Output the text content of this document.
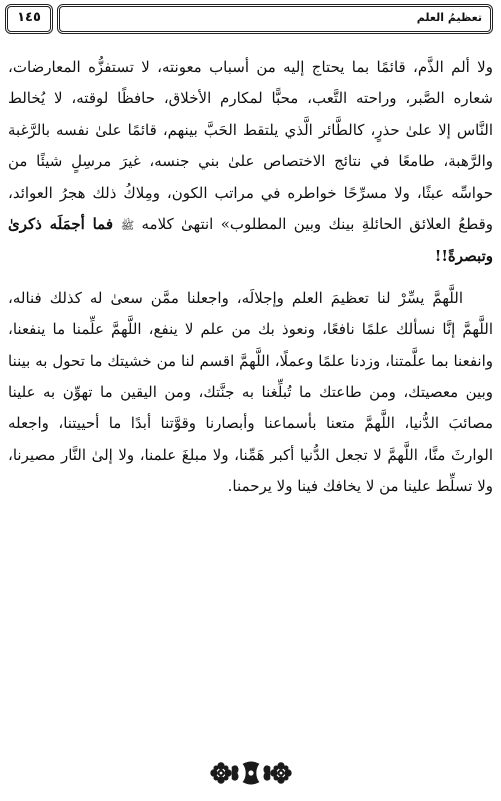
١٤٥	تعظيمُ العلم

ولا ألم الذَّم، قائمًا بما يحتاج إليه من أسباب معونته، لا تستفزُّه المعارضات، شعاره الصَّبر، وراحته التَّعب، محبًّا لمكارم الأخلاق، حافظًا لوقته، لا يُخالط النَّاس إلا علىٰ حذرٍ، كالطَّائر الَّذي يلتقط الحَبَّ بينهم، قائمًا علىٰ نفسه بالرَّغبة والرَّهبة، طامعًا في نتائج الاختصاص علىٰ بني جنسه، غيرَ مرسِلٍ شيئًا من حواسِّه عبثًا، ولا مسرِّحًا خواطره في مراتب الكون، ومِلاكُ ذلك هجرُ العوائد، وقطعُ العلائق الحائلةِ بينك وبين المطلوب» انتهىٰ كلامه ﷺ فما أجمَلَه ذكرىٰ وتبصرةً!!

اللَّهمَّ يسِّرْ لنا تعظيمَ العلم وإجلالَه، واجعلنا ممَّن سعىٰ له كذلك فناله، اللَّهمَّ إنَّا نسألك علمًا نافعًا، ونعوذ بك من علم لا ينفع، اللَّهمَّ علِّمنا ما ينفعنا، وانفعنا بما علَّمتنا، وزدنا علمًا وعملًا، اللَّهمَّ اقسم لنا من خشيتك ما تحول به بيننا وبين معصيتك، ومن طاعتك ما تُبلِّغنا به جنَّتك، ومن اليقين ما تهوِّن به علينا مصائبَ الدُّنيا، اللَّهمَّ متعنا بأسماعنا وأبصارنا وقوَّتنا أبدًا ما أحييتنا، واجعله الوارثَ منَّا، اللَّهمَّ لا تجعل الدُّنيا أكبر هَمِّنا، ولا مبلغَ علمنا، ولا إلىٰ النَّار مصيرنا، ولا تسلِّط علينا من لا يخافك فينا ولا يرحمنا.
